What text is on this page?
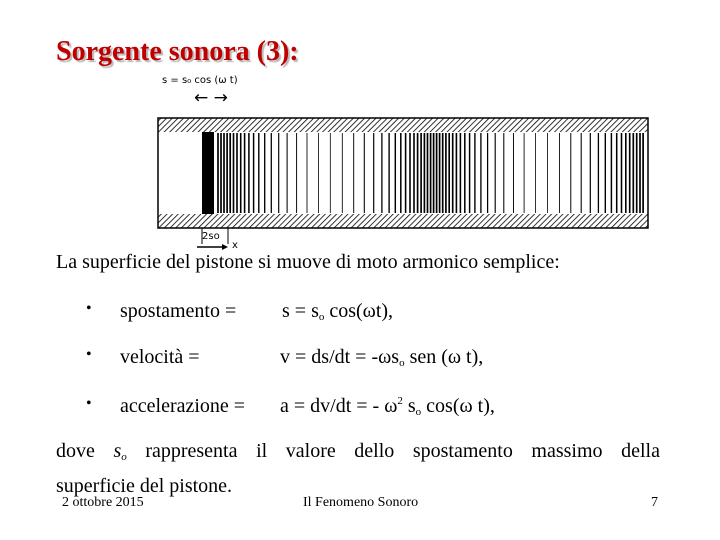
Sorgente sonora (3):
s = s₀ cos (ω t)
← →
2so
x
La superficie del pistone si muove di moto armonico semplice:
• spostamento = $s = s_o$ cos(ωt),
• velocità =	$v = ds/dt = -\omega s_o$ sen (ω t),
• accelerazione = a = dv/dt = - $\omega^2$ $s_o$ cos(ω t),
dove $s_o$ rappresenta il valore dello spostamento massimo della
superficie del pistone.
2 ottobre 2015	Il Fenomeno Sonoro	7
